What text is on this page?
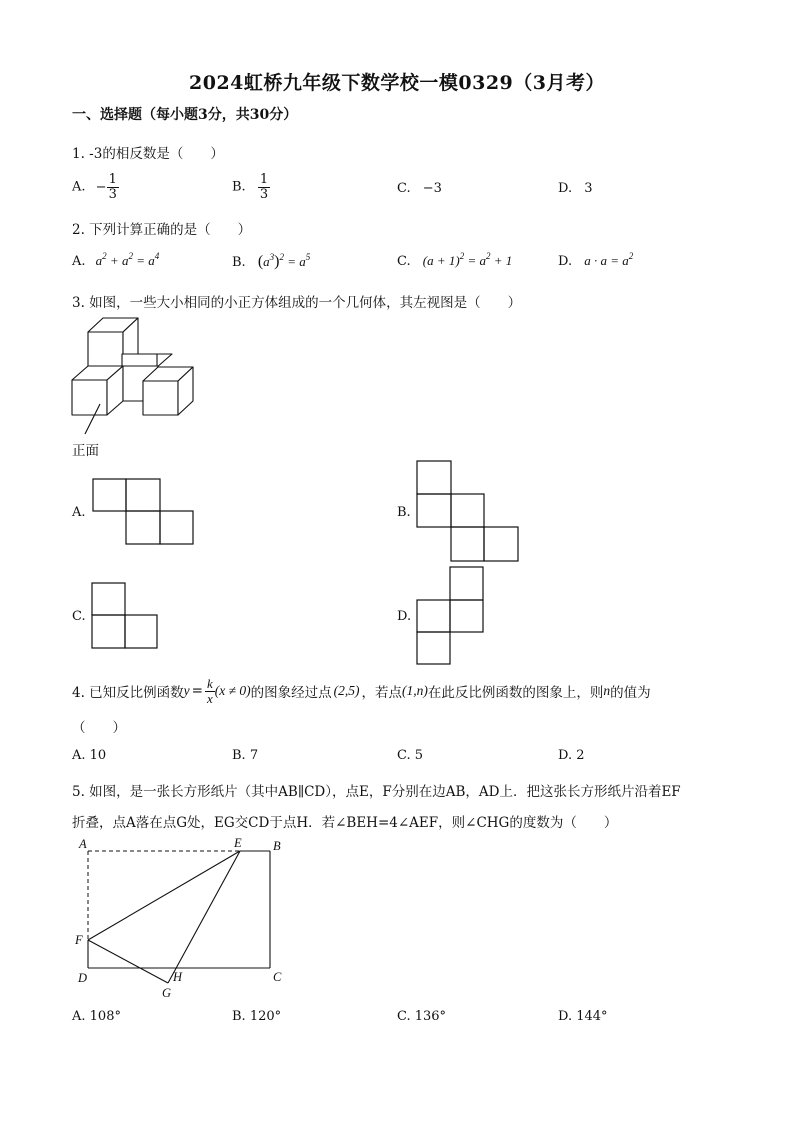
2024虹桥九年级下数学校一模0329（3月考）
一、选择题（每小题3分，共30分）
1. -3的相反数是（　　）
A. − $\frac{1}{3}$	B. $\frac{1}{3}$	C. −3	D. 3
2. 下列计算正确的是（　　）
A. $a^2 + a^2 = a^4$	B. $(a^3)^2 = a^5$	C. $(a + 1)^2 = a^2 + 1$	D. $a \cdot a = a^2$
3. 如图，一些大小相同的小正方体组成的一个几何体，其左视图是（　　）
A	B
C
D
E
F
G
H
正面
A.	B.
C.	D.
4. 已知反比例函数 $y = \frac{k}{x} (x \ne 0)$ 的图象经过点 (2,5) ，若点 (1,n) 在此反比例函数的图象上，则 n 的值为
（　　）
A. 10	B. 7	C. 5	D. 2
5. 如图，是一张长方形纸片（其中AB∥CD），点E，F分别在边AB，AD上．把这张长方形纸片沿着EF
折叠，点A落在点G处，EG交CD于点H．若∠BEH=4∠AEF，则∠CHG的度数为（　　）
A. 108°	B. 120°	C. 136°	D. 144°
